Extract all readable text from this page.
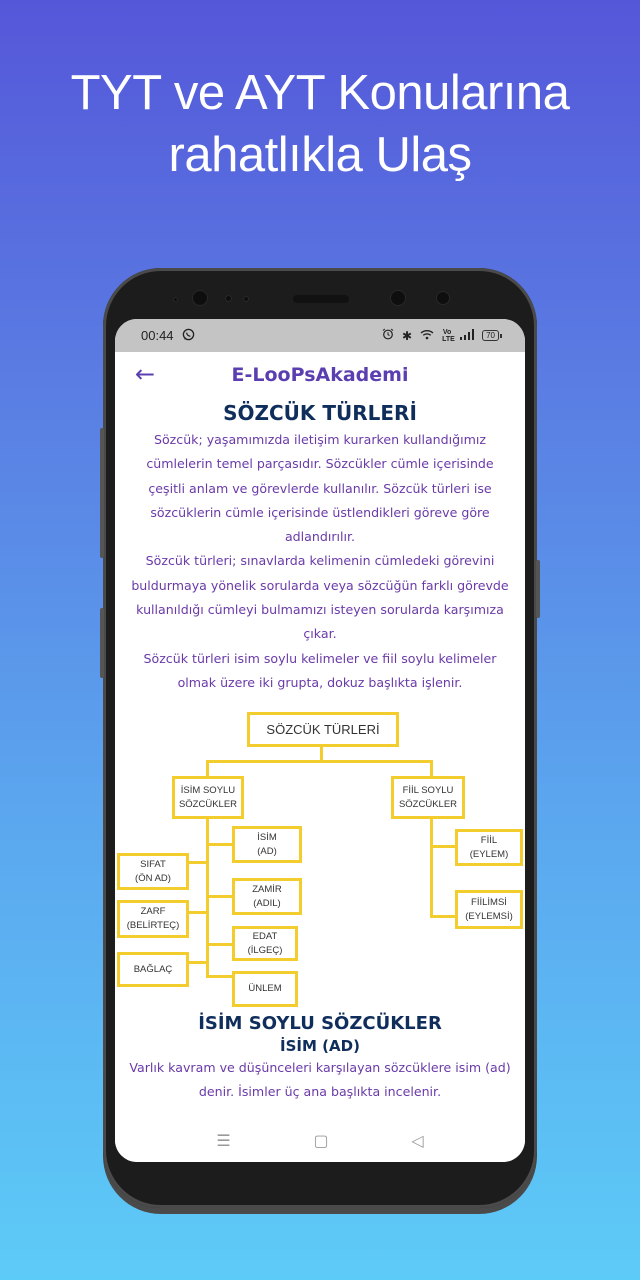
TYT ve AYT Konularına
rahatlıkla Ulaş
00:44	✱	Vo
LTE	70
←	E-LooPsAkademi
SÖZCÜK TÜRLERİ
Sözcük; yaşamımızda iletişim kurarken kullandığımız cümlelerin temel parçasıdır. Sözcükler cümle içerisinde çeşitli anlam ve görevlerde kullanılır. Sözcük türleri ise sözcüklerin cümle içerisinde üstlendikleri göreve göre adlandırılır.
Sözcük türleri; sınavlarda kelimenin cümledeki görevini buldurmaya yönelik sorularda veya sözcüğün farklı görevde kullanıldığı cümleyi bulmamızı isteyen sorularda karşımıza çıkar.
Sözcük türleri isim soylu kelimeler ve fiil soylu kelimeler olmak üzere iki grupta, dokuz başlıkta işlenir.
SÖZCÜK TÜRLERİ
İSİM SOYLU
SÖZCÜKLER
FİİL SOYLU
SÖZCÜKLER
İSİM
(AD)
SIFAT
(ÖN AD)
ZAMİR
(ADIL)
ZARF
(BELİRTEÇ)
EDAT
(İLGEÇ)
BAĞLAÇ
ÜNLEM
FİİL
(EYLEM)
FİİLİMSİ
(EYLEMSİ)
İSİM SOYLU SÖZCÜKLER
İSİM (AD)
Varlık kavram ve düşünceleri karşılayan sözcüklere isim (ad) denir. İsimler üç ana başlıkta incelenir.
☰	▢	◁
